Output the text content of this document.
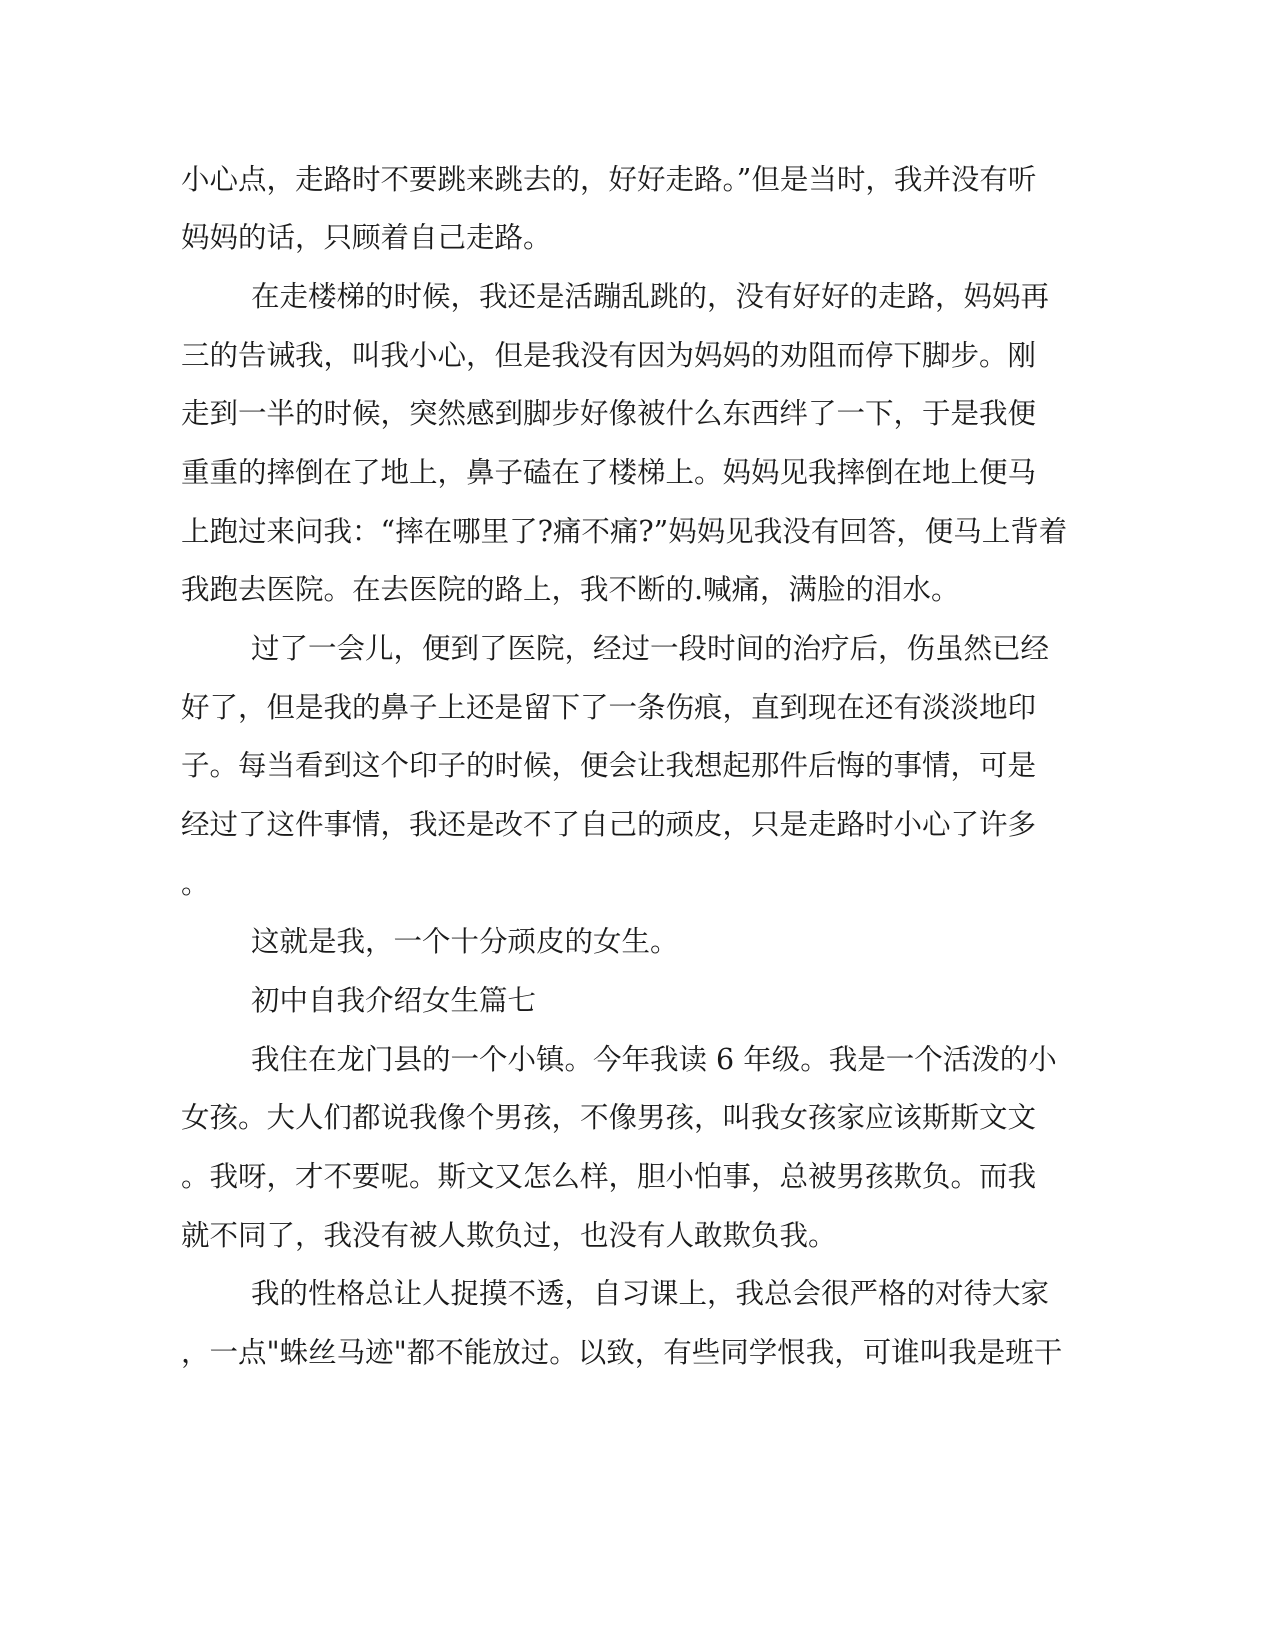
小心点，走路时不要跳来跳去的，好好走路。”但是当时，我并没有听
妈妈的话，只顾着自己走路。
在走楼梯的时候，我还是活蹦乱跳的，没有好好的走路，妈妈再
三的告诫我，叫我小心，但是我没有因为妈妈的劝阻而停下脚步。刚
走到一半的时候，突然感到脚步好像被什么东西绊了一下，于是我便
重重的摔倒在了地上，鼻子磕在了楼梯上。妈妈见我摔倒在地上便马
上跑过来问我：“摔在哪里了?痛不痛?”妈妈见我没有回答，便马上背着
我跑去医院。在去医院的路上，我不断的.喊痛，满脸的泪水。
过了一会儿，便到了医院，经过一段时间的治疗后，伤虽然已经
好了，但是我的鼻子上还是留下了一条伤痕，直到现在还有淡淡地印
子。每当看到这个印子的时候，便会让我想起那件后悔的事情，可是
经过了这件事情，我还是改不了自己的顽皮，只是走路时小心了许多
。
这就是我，一个十分顽皮的女生。
初中自我介绍女生篇七
我住在龙门县的一个小镇。今年我读 6 年级。我是一个活泼的小
女孩。大人们都说我像个男孩，不像男孩，叫我女孩家应该斯斯文文
。我呀，才不要呢。斯文又怎么样，胆小怕事，总被男孩欺负。而我
就不同了，我没有被人欺负过，也没有人敢欺负我。
我的性格总让人捉摸不透，自习课上，我总会很严格的对待大家
，一点"蛛丝马迹"都不能放过。以致，有些同学恨我，可谁叫我是班干
